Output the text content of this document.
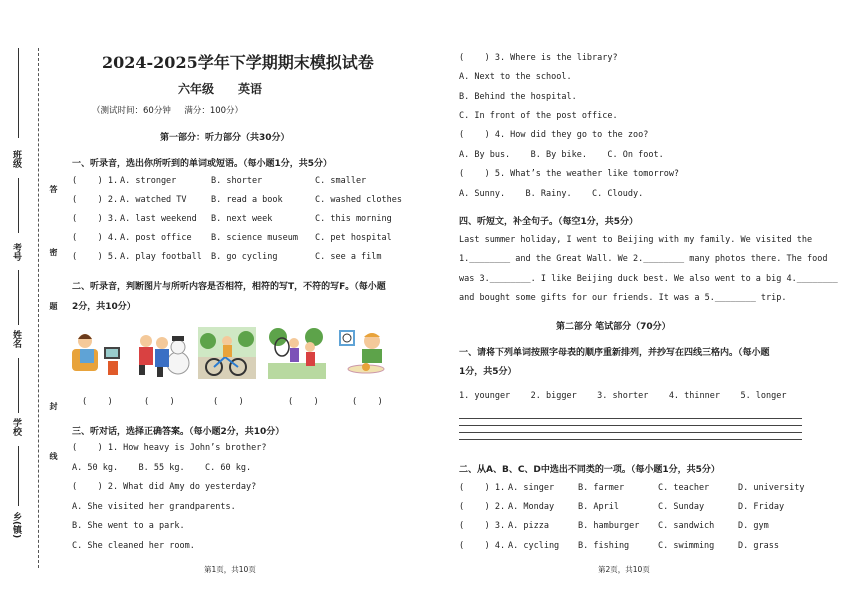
班级
考号
姓名
学校
乡(镇)
答
密
题
封
线
2024-2025学年下学期期末模拟试卷
六年级 英语
（测试时间：60分钟     满分：100分）
第一部分：听力部分（共30分）
一、听录音，选出你所听到的单词或短语。（每小题1分，共5分）
(    ) 1. A. stronger	B. shorter	C. smaller
(    ) 2. A. watched TV	B. read a book	C. washed clothes
(    ) 3. A. last weekend B. next week	C. this morning
(    ) 4. A. post office B. science museum C. pet hospital
(    ) 5. A. play football B. go cycling	C. see a film
二、听录音，判断图片与所听内容是否相符，相符的写T，不符的写F。（每小题
2分，共10分）
(    )	(    )	(    )	(    )	(    )
三、听对话，选择正确答案。（每小题2分，共10分）
(    ) 1. How heavy is John’s brother?
A. 50 kg.    B. 55 kg.    C. 60 kg.
(    ) 2. What did Amy do yesterday?
A. She visited her grandparents.
B. She went to a park.
C. She cleaned her room.
第1页，共10页
(    ) 3. Where is the library?
A. Next to the school.
B. Behind the hospital.
C. In front of the post office.
(    ) 4. How did they go to the zoo?
A. By bus.    B. By bike.    C. On foot.
(    ) 5. What’s the weather like tomorrow?
A. Sunny.    B. Rainy.    C. Cloudy.
四、听短文，补全句子。（每空1分，共5分）
Last summer holiday, I went to Beijing with my family. We visited the
1.________ and the Great Wall. We 2.________ many photos there. The food
was 3.________. I like Beijing duck best. We also went to a big 4.________
and bought some gifts for our friends. It was a 5.________ trip.
第二部分 笔试部分（70分）
一、请将下列单词按照字母表的顺序重新排列，并抄写在四线三格内。（每小题
1分，共5分）
1. younger    2. bigger    3. shorter    4. thinner    5. longer
二、从A、B、C、D中选出不同类的一项。（每小题1分，共5分）
(    ) 1. A. singer	B. farmer	C. teacher	D. university
(    ) 2. A. Monday	B. April	C. Sunday	D. Friday
(    ) 3. A. pizza	B. hamburger C. sandwich	D. gym
(    ) 4. A. cycling B. fishing	C. swimming	D. grass
第2页，共10页
